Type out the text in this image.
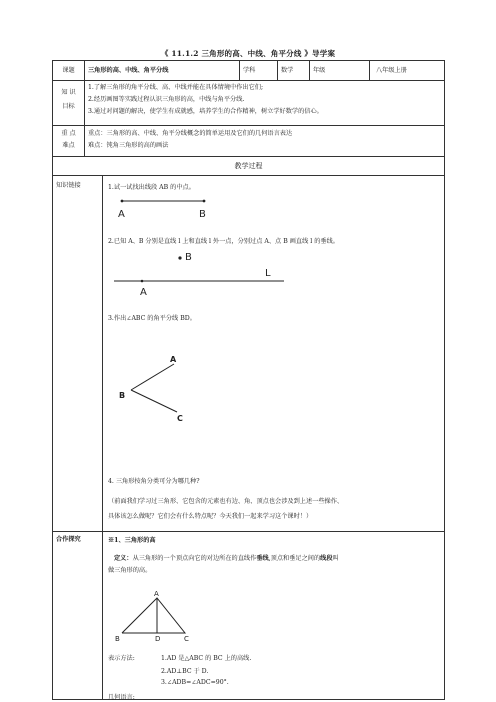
《 11.1.2 三角形的高、中线、角平分线 》导学案
课题	三角形的高、中线、角平分线	学科	数学	年级	八年级上册
知 识
目标
1.了解三角形的角平分线、高、中线并能在具体情境中作出它们;
2.经历画图等实践过程认识三角形的高，中线与角平分线.
3.通过对问题的解决，使学生有成就感，培养学生的合作精神，树立学好数学的信心。
重 点
难点
重点：三角形的高、中线、角平分线概念的简单运用及它们的几何语言表达
难点：钝角三角形的高的画法
教学过程
知识链接	1.试一试找出线段 AB 的中点。
A	B
2.已知 A、B 分别是直线 l 上和直线 l 外一点，分别过点 A、点 B 画直线 l 的垂线。
B
L
A
3.作出∠ABC 的角平分线 BD。
A
B
C
4. 三角形按角分类可分为哪几种?
（前面我们学习过三角形、它包含的元素也有边、角、顶点也会涉及到上述一些操作、
具体该怎么做呢？它们会有什么特点呢？今天我们一起来学习这个课时！）
合作探究	※1、三角形的高
定义：从三角形的一个顶点向它的对边所在的直线作垂线,顶点和垂足之间的线段叫
做三角形的高。
A
B	D	C
表示方法:	1.AD 是△ABC 的 BC 上的高线.
2.AD⊥BC 于 D.
3.∠ADB=∠ADC=90°.
几何语言:
